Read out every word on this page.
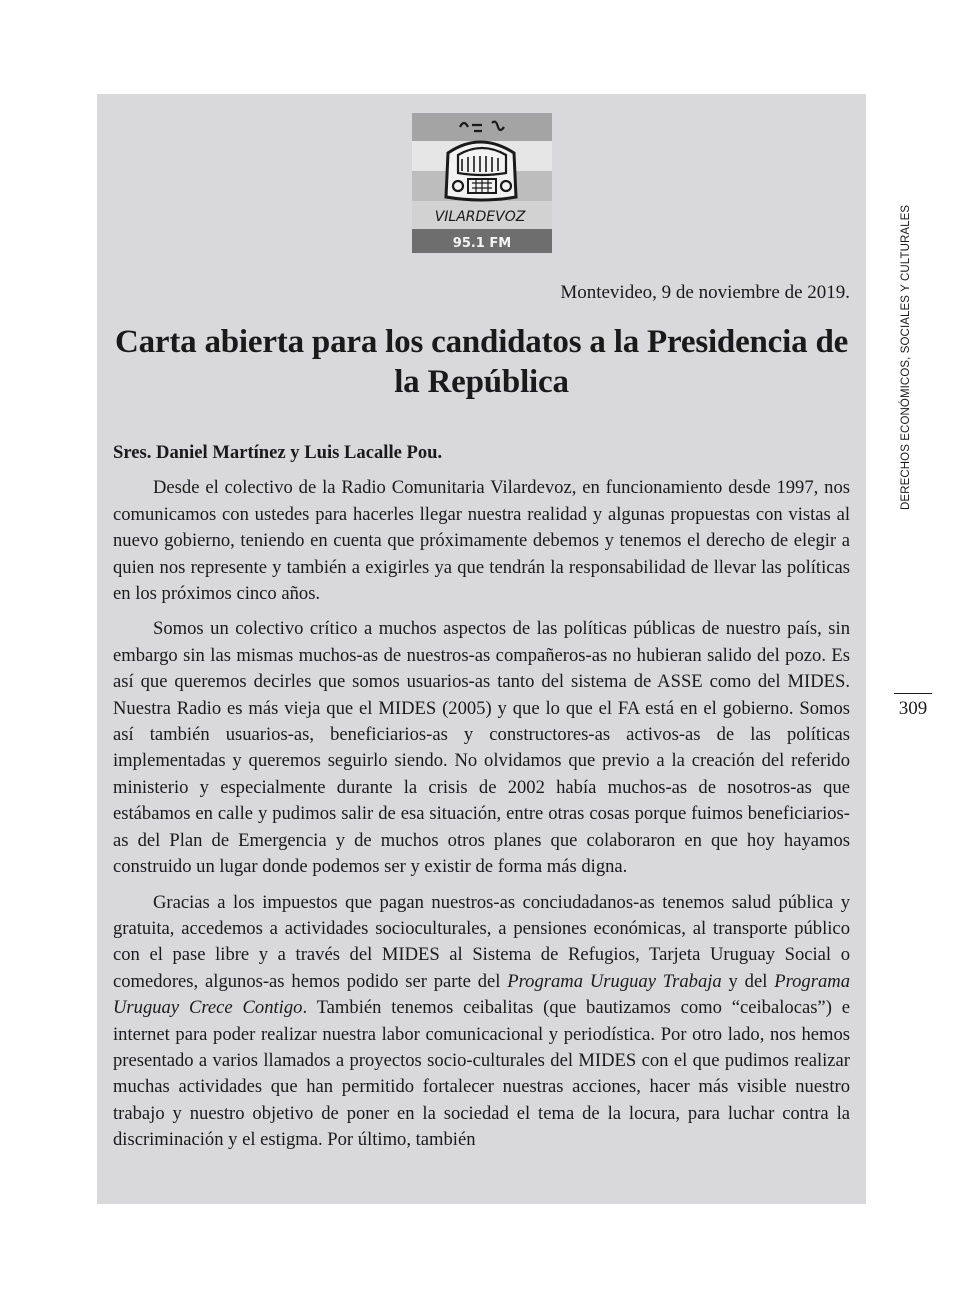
VILARDEVOZ
95.1 FM
Montevideo, 9 de noviembre de 2019.
Carta abierta para los candidatos a la Presidencia de la República

Sres. Daniel Martínez y Luis Lacalle Pou.

Desde el colectivo de la Radio Comunitaria Vilardevoz, en funcionamiento desde 1997, nos comunicamos con ustedes para hacerles llegar nuestra realidad y algunas propuestas con vistas al nuevo gobierno, teniendo en cuenta que próximamente debemos y tenemos el derecho de elegir a quien nos represente y también a exigirles ya que tendrán la responsabilidad de llevar las políticas en los próximos cinco años.

Somos un colectivo crítico a muchos aspectos de las políticas públicas de nuestro país, sin embargo sin las mismas muchos-as de nuestros-as compañeros-as no hubieran salido del pozo. Es así que queremos decirles que somos usuarios-as tanto del sistema de ASSE como del MIDES. Nuestra Radio es más vieja que el MIDES (2005) y que lo que el FA está en el gobierno. Somos así también usuarios-as, beneficiarios-as y constructores-as activos-as de las políticas implementadas y queremos seguirlo siendo. No olvidamos que previo a la creación del referido ministerio y especialmente durante la crisis de 2002 había muchos-as de nosotros-as que estábamos en calle y pudimos salir de esa situación, entre otras cosas porque fuimos beneficiarios-as del Plan de Emergencia y de muchos otros planes que colaboraron en que hoy hayamos construido un lugar donde podemos ser y existir de forma más digna.

Gracias a los impuestos que pagan nuestros-as conciudadanos-as tenemos salud pública y gratuita, accedemos a actividades socioculturales, a pensiones económicas, al transporte público con el pase libre y a través del MIDES al Sistema de Refugios, Tarjeta Uruguay Social o comedores, algunos-as hemos podido ser parte del Programa Uruguay Trabaja y del Programa Uruguay Crece Contigo. También tenemos ceibalitas (que bautizamos como “ceibalocas”) e internet para poder realizar nuestra labor comunicacional y periodística. Por otro lado, nos hemos presentado a varios llamados a proyectos socio-culturales del MIDES con el que pudimos realizar muchas actividades que han permitido fortalecer nuestras acciones, hacer más visible nuestro trabajo y nuestro objetivo de poner en la sociedad el tema de la locura, para luchar contra la discriminación y el estigma. Por último, también

DERECHOS ECONÓMICOS, SOCIALES Y CULTURALES
309
